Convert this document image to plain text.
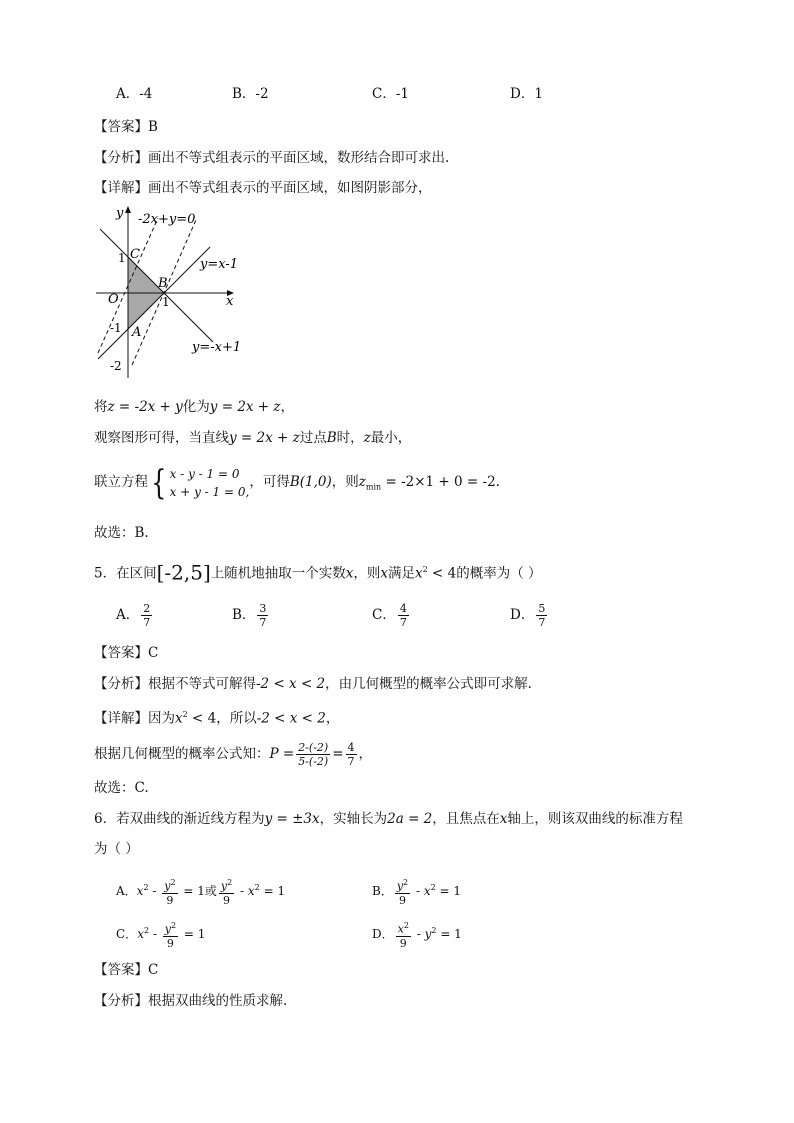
A．-4	B．-2	C．-1	D．1
【答案】B
【分析】画出不等式组表示的平面区域，数形结合即可求出.
【详解】画出不等式组表示的平面区域，如图阴影部分，
y -2x+y=0
C
1	y=x-1
B
O	1	x
-1 A
y=-x+1
-2
将z = -2x + y化为y = 2x + z，
观察图形可得，当直线y = 2x + z过点B时，z最小，
联立方程{ x - y - 1 = 0
x + y - 1 = 0,
，可得B(1,0)，则$z_{min} = -2\times 1 + 0 = -2$.
故选：B.
5．在区间[-2,5]上随机地抽取一个实数x，则x满足$x^2 < 4$的概率为（ ）
A． $\frac{2}{7}$	B． $\frac{3}{7}$	C． $\frac{4}{7}$	D． $\frac{5}{7}$
【答案】C
【分析】根据不等式可解得-2 < x < 2，由几何概型的概率公式即可求解.
【详解】因为$x^2 < 4$，所以-2 < x < 2，
根据几何概型的概率公式知：$P = \frac{2-(-2)}{5-(-2)} = \frac{4}{7}$ ，
故选：C.
6．若双曲线的渐近线方程为y = ±3x，实轴长为2a = 2，且焦点在x轴上，则该双曲线的标准方程
为（ ）
A．$x^2 - \frac{y^2}{9} = 1$或 $\frac{y^2}{9} - x^2 = 1$	B． $\frac{y^2}{9} - x^2 = 1$
C．$x^2 - \frac{y^2}{9} = 1$	D． $\frac{x^2}{9} - y^2 = 1$
【答案】C
【分析】根据双曲线的性质求解.
